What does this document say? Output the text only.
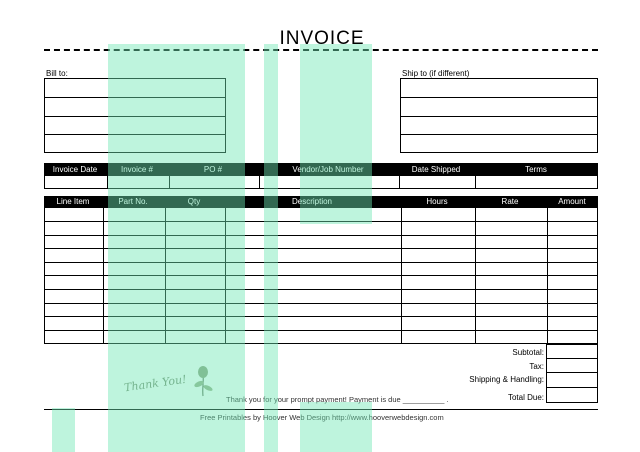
INVOICE
Bill to:	Ship to (if different)
Invoice Date	Invoice #	PO #	Vendor/Job Number	Date Shipped	Terms
Line Item	Part No.	Qty	Description	Hours	Rate	Amount
Subtotal:
Tax:
Shipping & Handling:
Total Due:
Thank You!
Thank you for your prompt payment! Payment is due __________ .
Free Printables by Hoover Web Design http://www.hooverwebdesign.com
